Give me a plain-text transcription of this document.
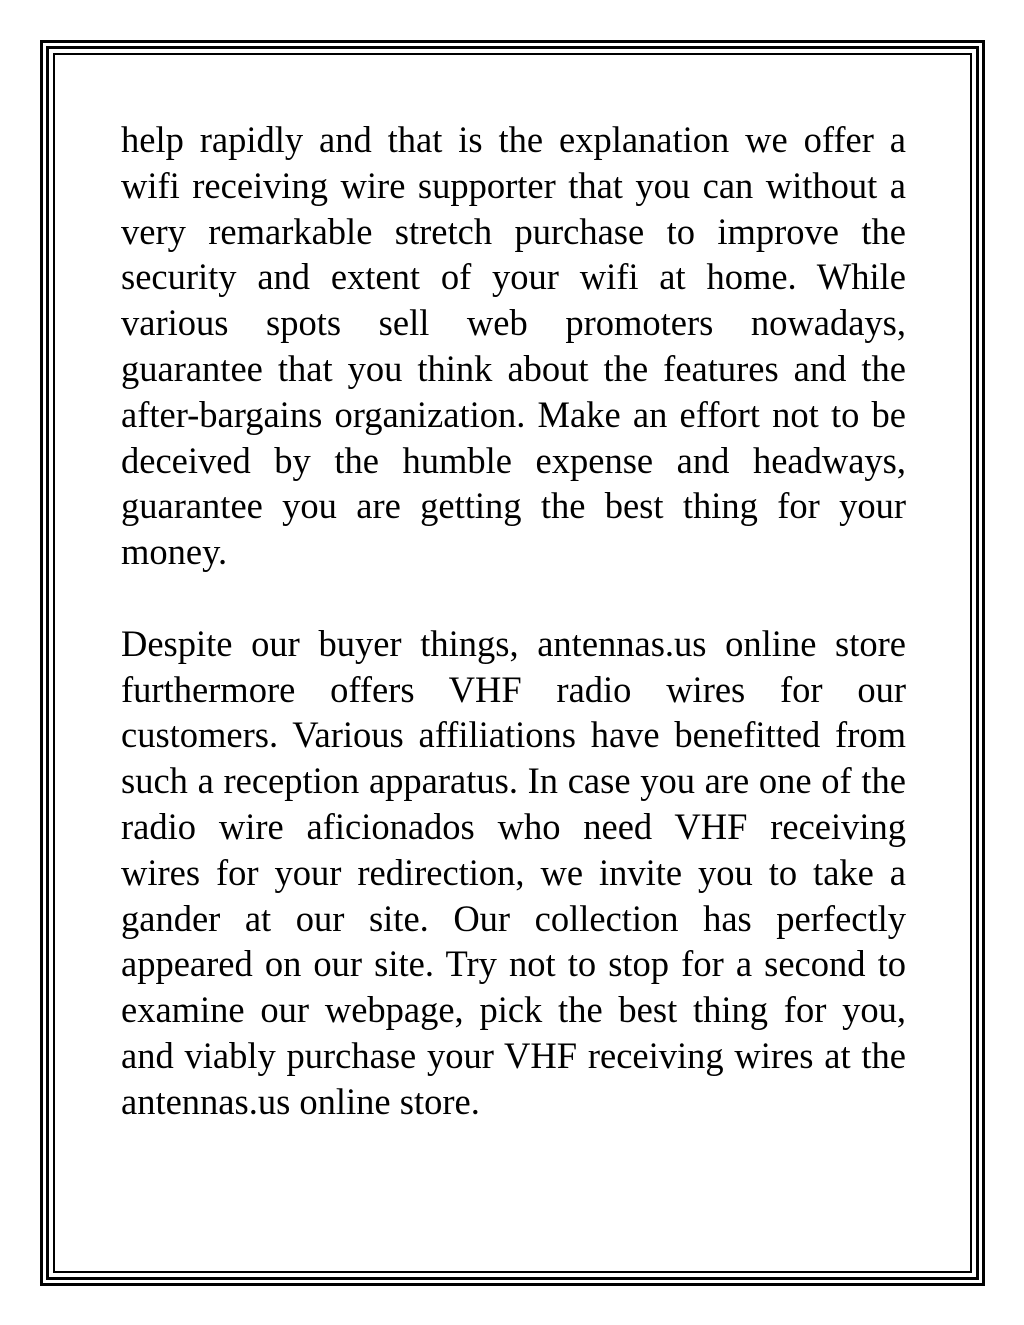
help rapidly and that is the explanation we offer a wifi receiving wire supporter that you can without a very remarkable stretch purchase to improve the security and extent of your wifi at home. While various spots sell web promoters nowadays, guarantee that you think about the features and the after-bargains organization. Make an effort not to be deceived by the humble expense and headways, guarantee you are getting the best thing for your money.

Despite our buyer things, antennas.us online store furthermore offers VHF radio wires for our customers. Various affiliations have benefitted from such a reception apparatus. In case you are one of the radio wire aficionados who need VHF receiving wires for your redirection, we invite you to take a gander at our site. Our collection has perfectly appeared on our site. Try not to stop for a second to examine our webpage, pick the best thing for you, and viably purchase your VHF receiving wires at the antennas.us online store.
